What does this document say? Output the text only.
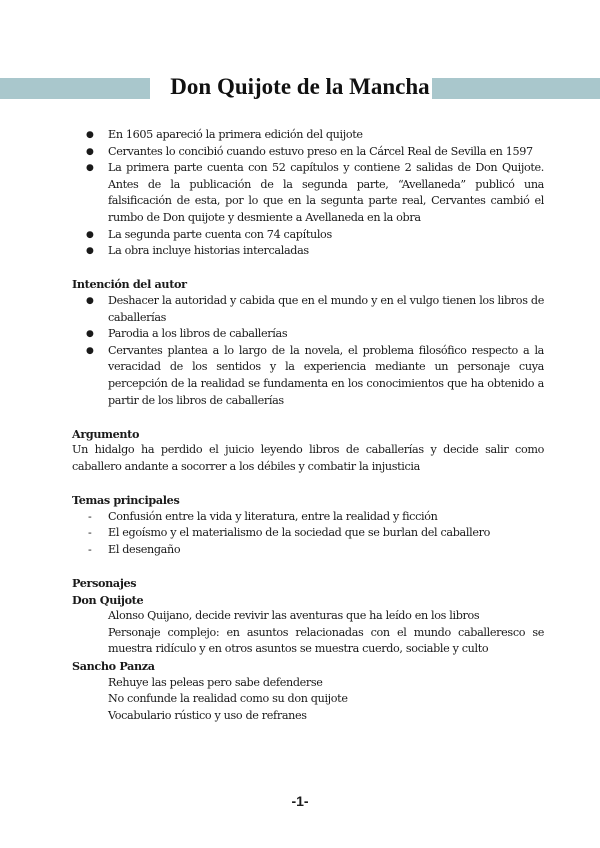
Don Quijote de la Mancha
● En 1605 apareció la primera edición del quijote
● Cervantes lo concibió cuando estuvo preso en la Cárcel Real de Sevilla en 1597
● La primera parte cuenta con 52 capítulos y contiene 2 salidas de Don Quijote. Antes de la publicación de la segunda parte, “Avellaneda” publicó una falsificación de esta, por lo que en la segunta parte real, Cervantes cambió el rumbo de Don quijote y desmiente a Avellaneda en la obra
● La segunda parte cuenta con 74 capítulos
● La obra incluye historias intercaladas
Intención del autor
● Deshacer la autoridad y cabida que en el mundo y en el vulgo tienen los libros de caballerías
● Parodia a los libros de caballerías
● Cervantes plantea a lo largo de la novela, el problema filosófico respecto a la veracidad de los sentidos y la experiencia mediante un personaje cuya percepción de la realidad se fundamenta en los conocimientos que ha obtenido a partir de los libros de caballerías
Argumento

Un hidalgo ha perdido el juicio leyendo libros de caballerías y decide salir como caballero andante a socorrer a los débiles y combatir la injusticia

Temas principales
- Confusión entre la vida y literatura, entre la realidad y ficción
- El egoísmo y el materialismo de la sociedad que se burlan del caballero
- El desengaño
Personajes
Don Quijote
Alonso Quijano, decide revivir las aventuras que ha leído en los libros
Personaje complejo: en asuntos relacionadas con el mundo caballeresco se muestra ridículo y en otros asuntos se muestra cuerdo, sociable y culto
Sancho Panza
Rehuye las peleas pero sabe defenderse
No confunde la realidad como su don quijote
Vocabulario rústico y uso de refranes
-1-
